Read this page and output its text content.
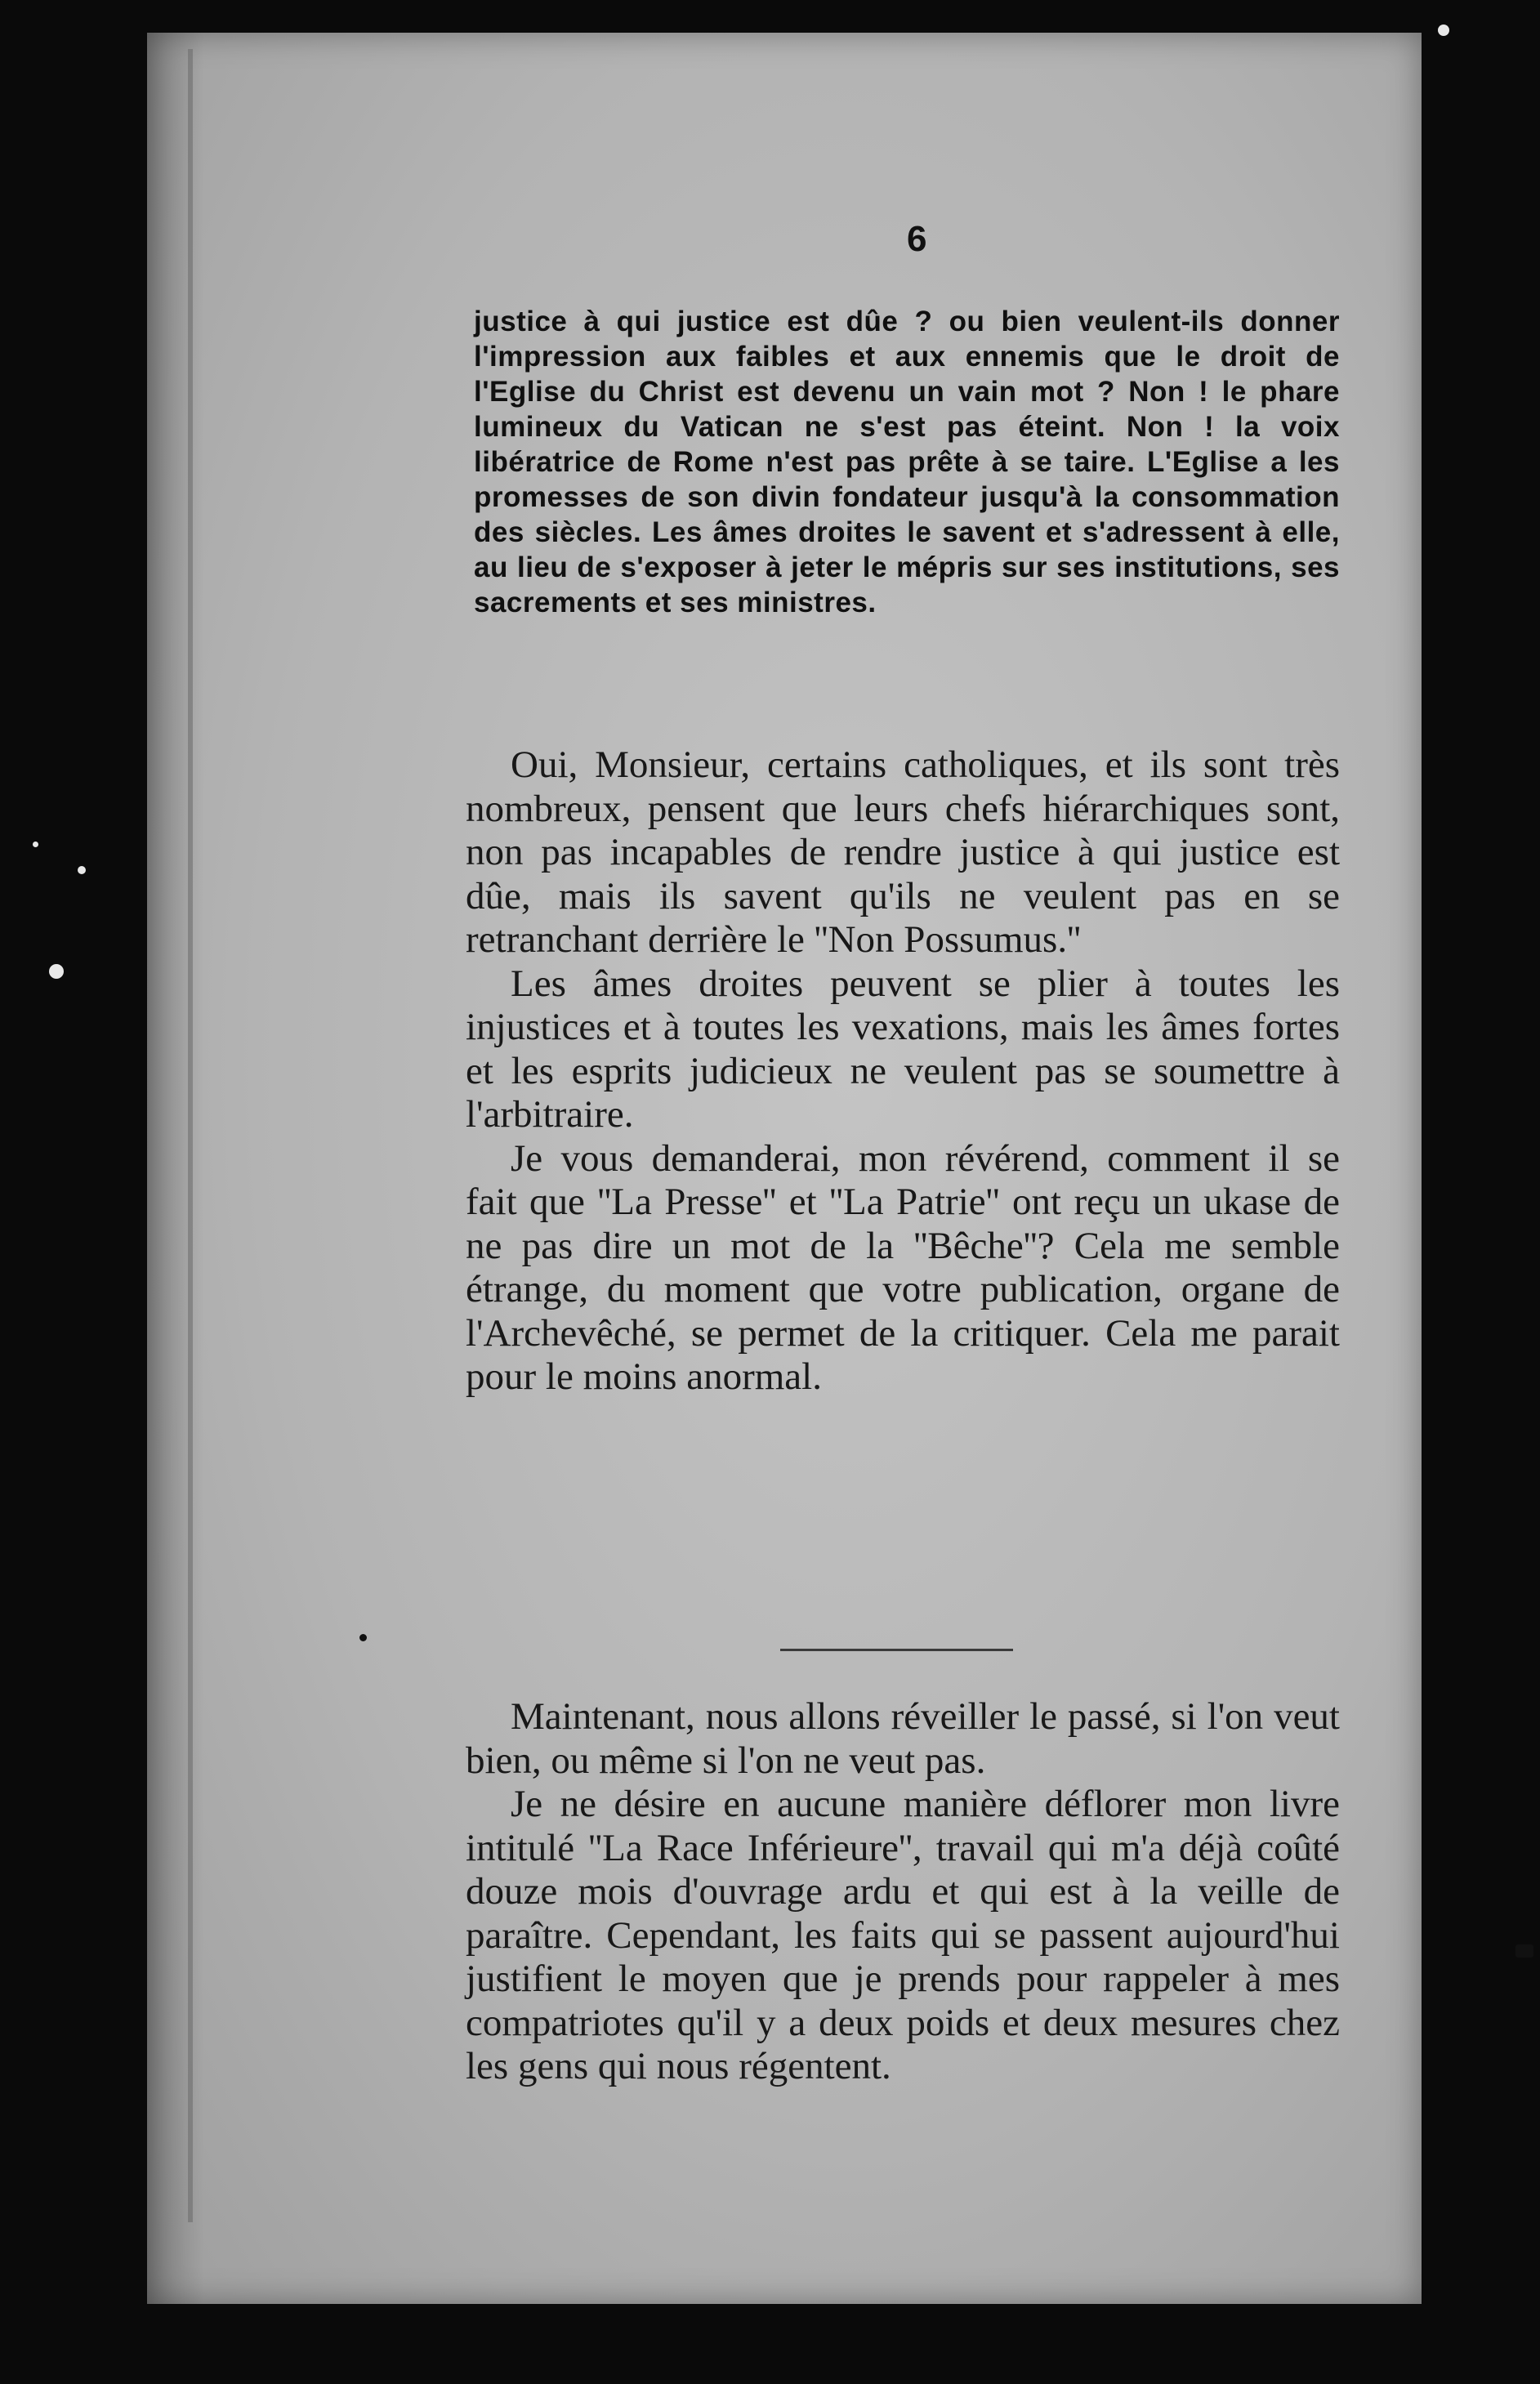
6
justice à qui justice est dûe ? ou bien veulent-ils donner l'impression aux faibles et aux ennemis que le droit de l'Eglise du Christ est devenu un vain mot ? Non ! le phare lumineux du Vatican ne s'est pas éteint. Non ! la voix libératrice de Rome n'est pas prête à se taire. L'Eglise a les promesses de son divin fondateur jusqu'à la consommation des siècles. Les âmes droites le savent et s'adressent à elle, au lieu de s'exposer à jeter le mépris sur ses institutions, ses sacrements et ses ministres.

Oui, Monsieur, certains catholiques, et ils sont très nombreux, pensent que leurs chefs hiérarchiques sont, non pas incapables de rendre justice à qui justice est dûe, mais ils savent qu'ils ne veulent pas en se retranchant derrière le ''Non Possumus.''

Les âmes droites peuvent se plier à toutes les injustices et à toutes les vexations, mais les âmes fortes et les esprits judicieux ne veulent pas se soumettre à l'arbitraire.

Je vous demanderai, mon révérend, comment il se fait que ''La Presse'' et ''La Patrie'' ont reçu un ukase de ne pas dire un mot de la ''Bêche''? Cela me semble étrange, du moment que votre publication, organe de l'Archevêché, se permet de la critiquer. Cela me parait pour le moins anormal.

Maintenant, nous allons réveiller le passé, si l'on veut bien, ou même si l'on ne veut pas.

Je ne désire en aucune manière déflorer mon livre intitulé ''La Race Inférieure'', travail qui m'a déjà coûté douze mois d'ouvrage ardu et qui est à la veille de paraître. Cependant, les faits qui se passent aujourd'hui justifient le moyen que je prends pour rappeler à mes compatriotes qu'il y a deux poids et deux mesures chez les gens qui nous régentent.
